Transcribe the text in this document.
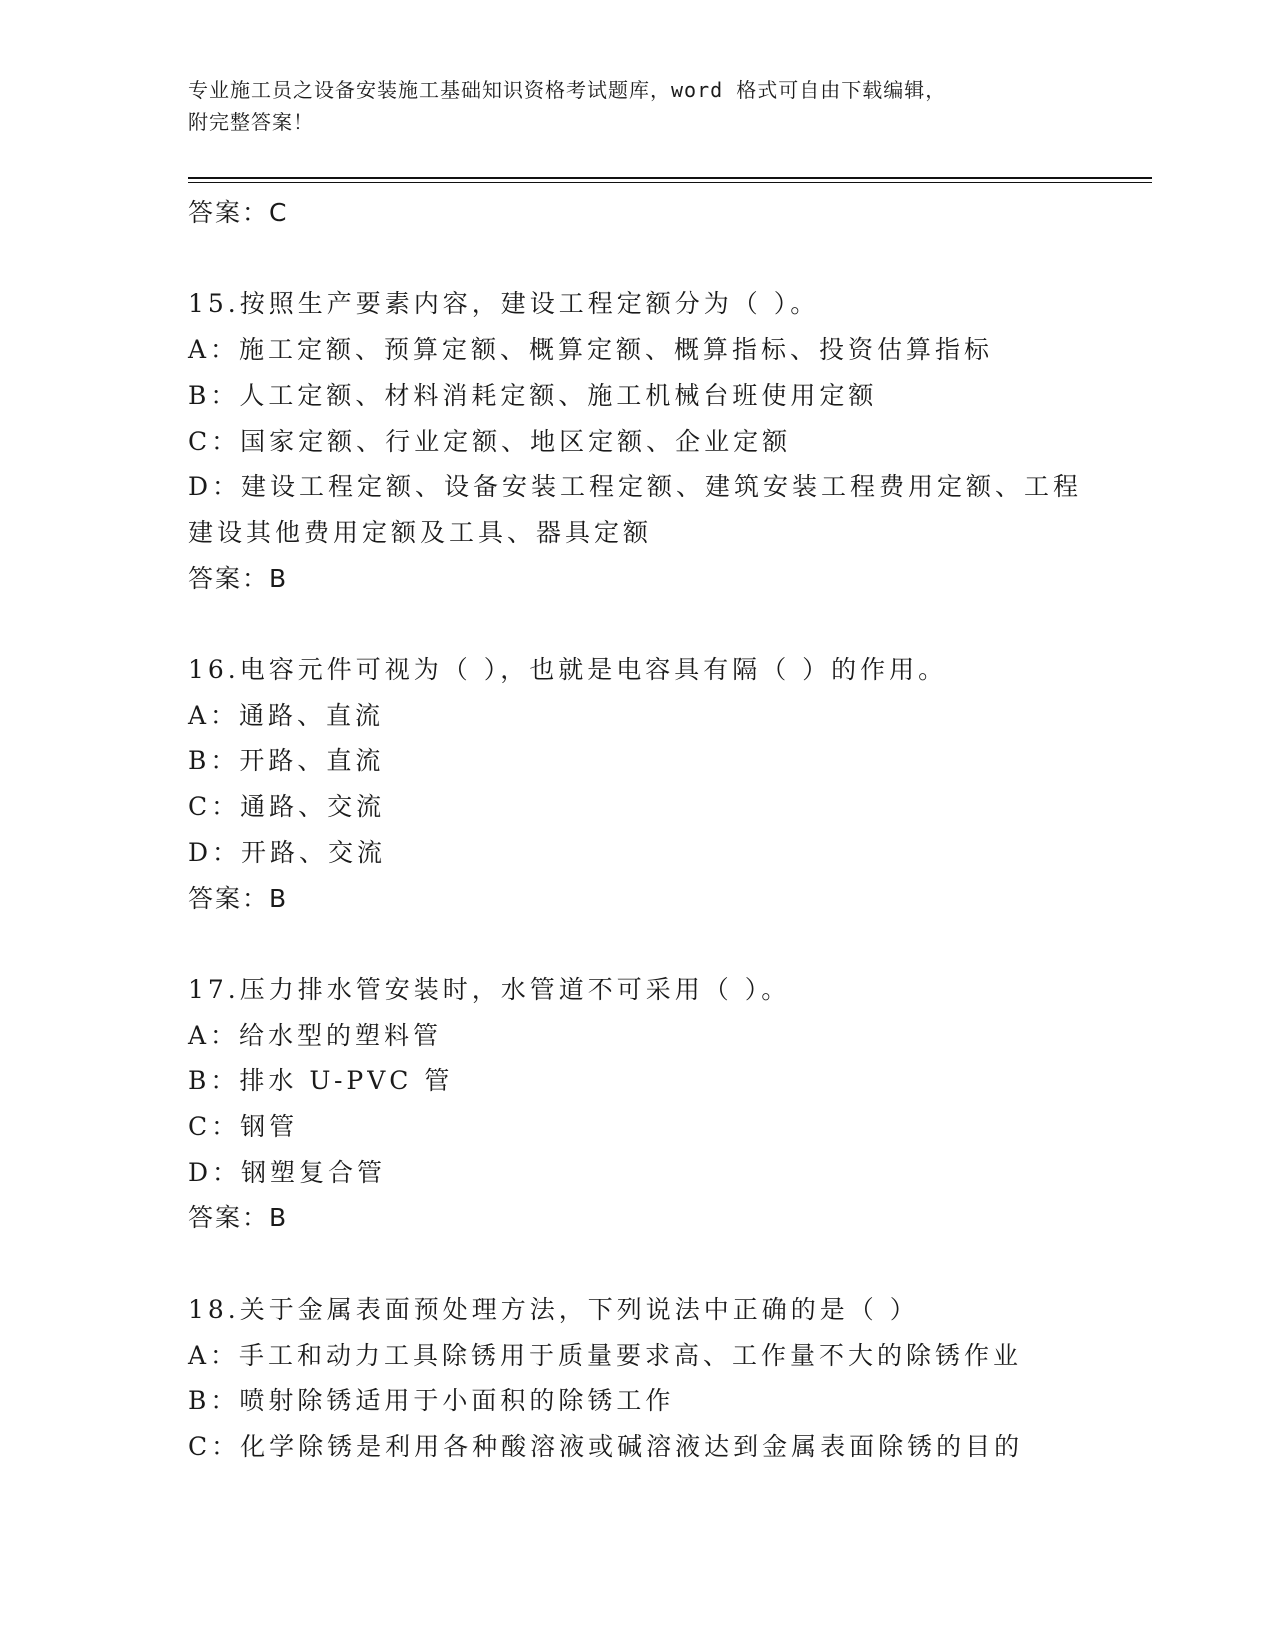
专业施工员之设备安装施工基础知识资格考试题库，word 格式可自由下载编辑，
附完整答案！
答案：C
15.按照生产要素内容，建设工程定额分为（ ）。
A：施工定额、预算定额、概算定额、概算指标、投资估算指标
B：人工定额、材料消耗定额、施工机械台班使用定额
C：国家定额、行业定额、地区定额、企业定额
D：建设工程定额、设备安装工程定额、建筑安装工程费用定额、工程
建设其他费用定额及工具、器具定额
答案：B
16.电容元件可视为（ ），也就是电容具有隔（ ）的作用。
A：通路、直流
B：开路、直流
C：通路、交流
D：开路、交流
答案：B
17.压力排水管安装时，水管道不可采用（ ）。
A：给水型的塑料管
B：排水 U-PVC 管
C：钢管
D：钢塑复合管
答案：B
18.关于金属表面预处理方法，下列说法中正确的是（ ）
A：手工和动力工具除锈用于质量要求高、工作量不大的除锈作业
B：喷射除锈适用于小面积的除锈工作
C：化学除锈是利用各种酸溶液或碱溶液达到金属表面除锈的目的
